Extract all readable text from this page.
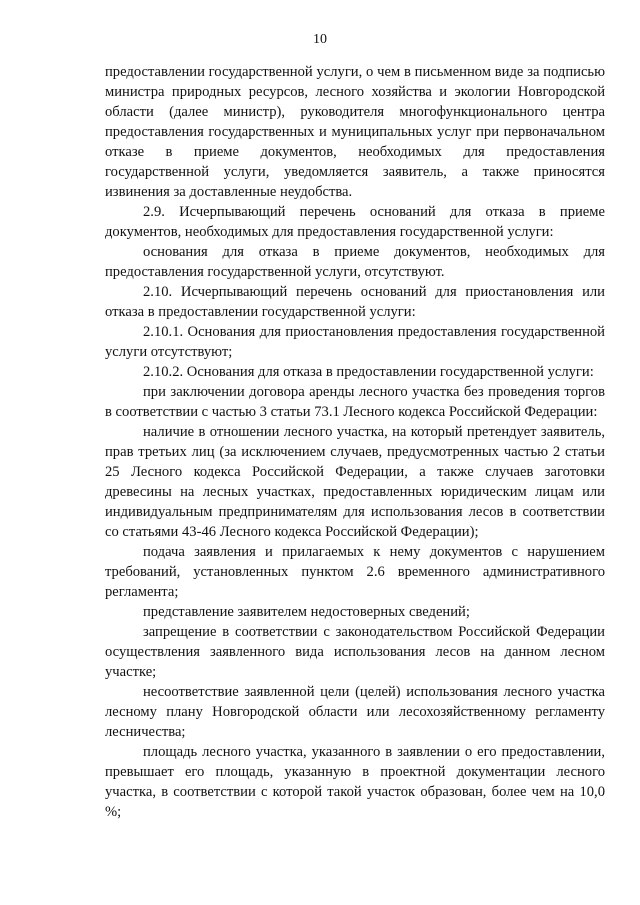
10

предоставлении государственной услуги, о чем в письменном виде за подписью министра природных ресурсов, лесного хозяйства и экологии Новгородской области (далее министр), руководителя многофункционального центра предоставления государственных и муниципальных услуг при первоначальном отказе в приеме документов, необходимых для предоставления государственной услуги, уведомляется заявитель, а также приносятся извинения за доставленные неудобства.

2.9. Исчерпывающий перечень оснований для отказа в приеме документов, необходимых для предоставления государственной услуги:

основания для отказа в приеме документов, необходимых для предоставления государственной услуги, отсутствуют.

2.10. Исчерпывающий перечень оснований для приостановления или отказа в предоставлении государственной услуги:

2.10.1. Основания для приостановления предоставления государственной услуги отсутствуют;

2.10.2. Основания для отказа в предоставлении государственной услуги:

при заключении договора аренды лесного участка без проведения торгов в соответствии с частью 3 статьи 73.1 Лесного кодекса Российской Федерации:

наличие в отношении лесного участка, на который претендует заявитель, прав третьих лиц (за исключением случаев, предусмотренных частью 2 статьи 25 Лесного кодекса Российской Федерации, а также случаев заготовки древесины на лесных участках, предоставленных юридическим лицам или индивидуальным предпринимателям для использования лесов в соответствии со статьями 43-46 Лесного кодекса Российской Федерации);

подача заявления и прилагаемых к нему документов с нарушением требований, установленных пунктом 2.6 временного административного регламента;

представление заявителем недостоверных сведений;

запрещение в соответствии с законодательством Российской Федерации осуществления заявленного вида использования лесов на данном лесном участке;

несоответствие заявленной цели (целей) использования лесного участка лесному плану Новгородской области или лесохозяйственному регламенту лесничества;

площадь лесного участка, указанного в заявлении о его предоставлении, превышает его площадь, указанную в проектной документации лесного участка, в соответствии с которой такой участок образован, более чем на 10,0 %;
